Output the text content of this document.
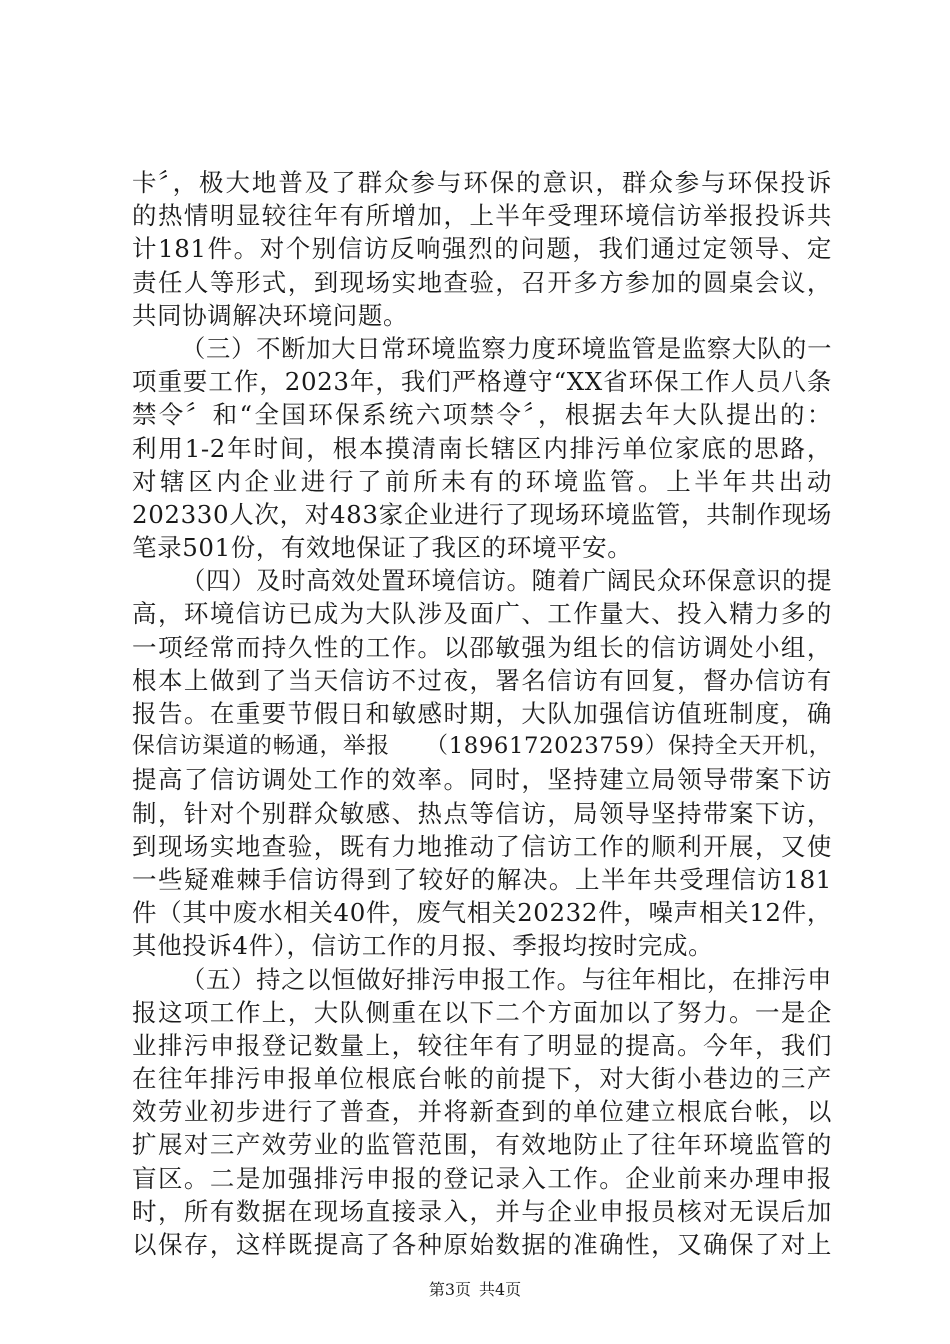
卡〞，极大地普及了群众参与环保的意识，群众参与环保投诉
的热情明显较往年有所增加，上半年受理环境信访举报投诉共
计181件。对个别信访反响强烈的问题，我们通过定领导、定
责任人等形式，到现场实地查验，召开多方参加的圆桌会议，
共同协调解决环境问题。
（三）不断加大日常环境监察力度环境监管是监察大队的一
项重要工作，2023年，我们严格遵守“XX省环保工作人员八条
禁令〞和“全国环保系统六项禁令〞，根据去年大队提出的：
利用1-2年时间，根本摸清南长辖区内排污单位家底的思路，
对辖区内企业进行了前所未有的环境监管。上半年共出动
202330人次，对483家企业进行了现场环境监管，共制作现场
笔录501份，有效地保证了我区的环境平安。
（四）及时高效处置环境信访。随着广阔民众环保意识的提
高，环境信访已成为大队涉及面广、工作量大、投入精力多的
一项经常而持久性的工作。以邵敏强为组长的信访调处小组，
根本上做到了当天信访不过夜，署名信访有回复，督办信访有
报告。在重要节假日和敏感时期，大队加强信访值班制度，确
保信访渠道的畅通，举报　　（1896172023759）保持全天开机，
提高了信访调处工作的效率。同时，坚持建立局领导带案下访
制，针对个别群众敏感、热点等信访，局领导坚持带案下访，
到现场实地查验，既有力地推动了信访工作的顺利开展，又使
一些疑难棘手信访得到了较好的解决。上半年共受理信访181
件（其中废水相关40件，废气相关20232件，噪声相关12件，
其他投诉4件），信访工作的月报、季报均按时完成。
（五）持之以恒做好排污申报工作。与往年相比，在排污申
报这项工作上，大队侧重在以下二个方面加以了努力。一是企
业排污申报登记数量上，较往年有了明显的提高。今年，我们
在往年排污申报单位根底台帐的前提下，对大街小巷边的三产
效劳业初步进行了普查，并将新查到的单位建立根底台帐，以
扩展对三产效劳业的监管范围，有效地防止了往年环境监管的
盲区。二是加强排污申报的登记录入工作。企业前来办理申报
时，所有数据在现场直接录入，并与企业申报员核对无误后加
以保存，这样既提高了各种原始数据的准确性，又确保了对上
第3页 共4页
